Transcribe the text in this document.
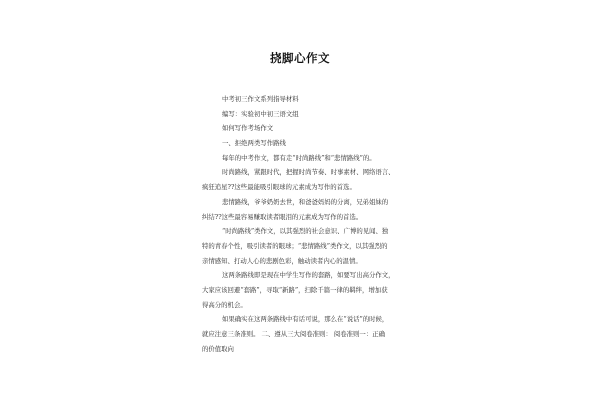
挠脚心作文
中考初三作文系列指导材料
编写：实验初中初三语文组
如何写作考场作文
一、拒绝两类写作路线
每年的中考作文，都有走“时尚路线”和“悲情路线”的。
时尚路线，紧跟时代，把握时尚节奏、时事素材、网络语言、
疯狂追星??这些最能吸引眼球的元素成为写作的首选。
悲情路线，爷爷奶奶去世，和爸爸妈妈的分离，兄弟姐妹的
纠结??这些最容易赚取读者眼泪的元素成为写作的首选。
“时尚路线”类作文，以其强烈的社会意识、广博的见闻、独
特的青春个性，吸引读者的眼球；“悲情路线”类作文，以其强烈的
亲情感知、打动人心的悲剧色彩，触动读者内心的温情。
这两条路线即是现在中学生写作的套路，如要写出高分作文，
大家应该回避“套路”，寻取“新路”，扫除千篇一律的羁绊，增加获
得高分的机会。
如果确实在这两条路线中有话可说，那么在“说话”的时候，
就应注意三条准则。 二、遵从三大阅卷准则： 阅卷准则一：正确
的价值取向
